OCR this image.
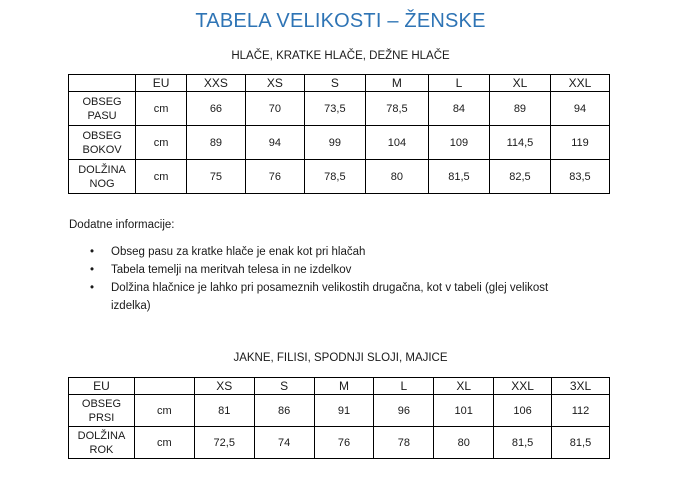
TABELA VELIKOSTI – ŽENSKE
HLAČE, KRATKE HLAČE, DEŽNE HLAČE
	EU	XXS	XS	S	M	L	XL	XXL
OBSEG PASU	cm	66	70	73,5	78,5	84	89	94
OBSEG BOKOV	cm	89	94	99	104	109	114,5	119
DOLŽINA NOG	cm	75	76	78,5	80	81,5	82,5	83,5
Dodatne informacije:
• Obseg pasu za kratke hlače je enak kot pri hlačah
• Tabela temelji na meritvah telesa in ne izdelkov
• Dolžina hlačnice je lahko pri posameznih velikostih drugačna, kot v tabeli (glej velikost izdelka)
JAKNE, FILISI, SPODNJI SLOJI, MAJICE
EU		XS	S	M	L	XL	XXL	3XL
OBSEG PRSI	cm	81	86	91	96	101	106	112
DOLŽINA ROK	cm	72,5	74	76	78	80	81,5	81,5
